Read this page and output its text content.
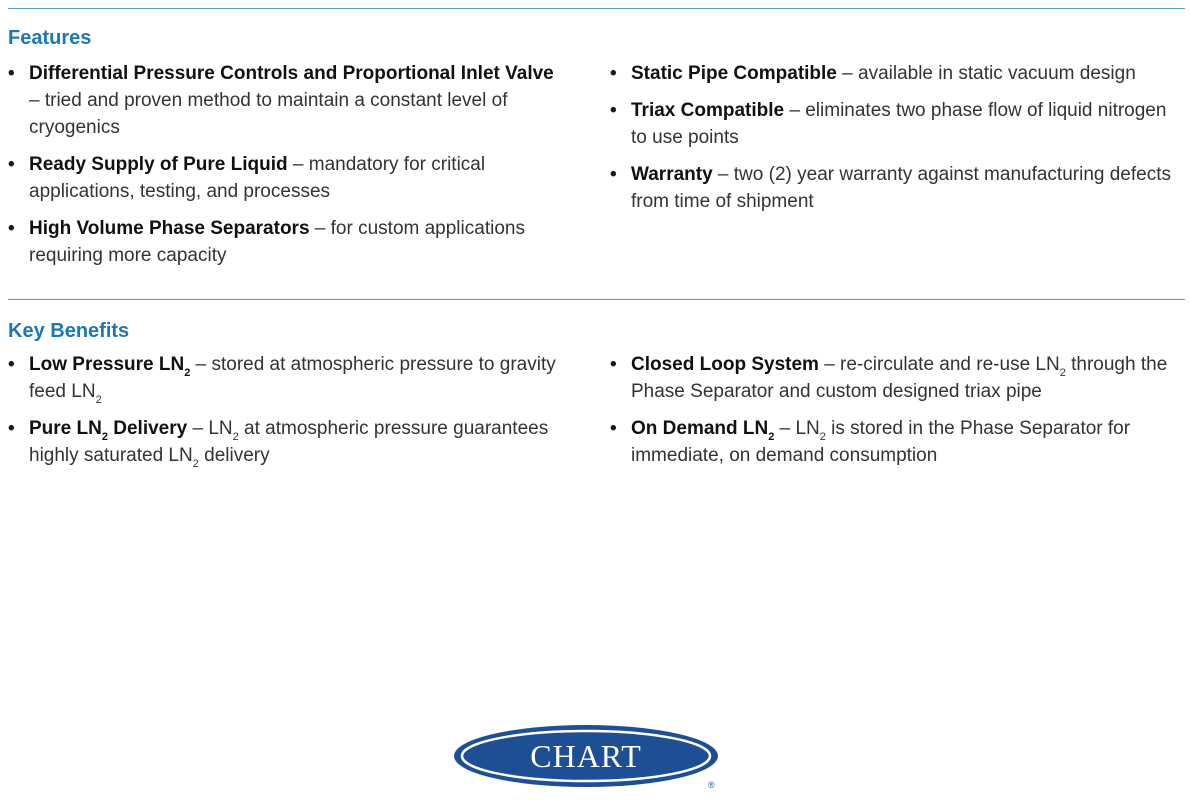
Features
• Differential Pressure Controls and Proportional Inlet Valve – tried and proven method to maintain a constant level of cryogenics
• Ready Supply of Pure Liquid – mandatory for critical applications, testing, and processes
• High Volume Phase Separators – for custom applications requiring more capacity
• Static Pipe Compatible – available in static vacuum design
• Triax Compatible – eliminates two phase flow of liquid nitrogen to use points
• Warranty – two (2) year warranty against manufacturing defects from time of shipment
Key Benefits
• Low Pressure $LN_2$ – stored at atmospheric pressure to gravity feed $LN_2$
• Pure $LN_2$ Delivery – $LN_2$ at atmospheric pressure guarantees highly saturated $LN_2$ delivery
• Closed Loop System – re-circulate and re-use $LN_2$ through the Phase Separator and custom designed triax pipe
• On Demand $LN_2 - LN_2$ is stored in the Phase Separator for immediate, on demand consumption
CHART
®
